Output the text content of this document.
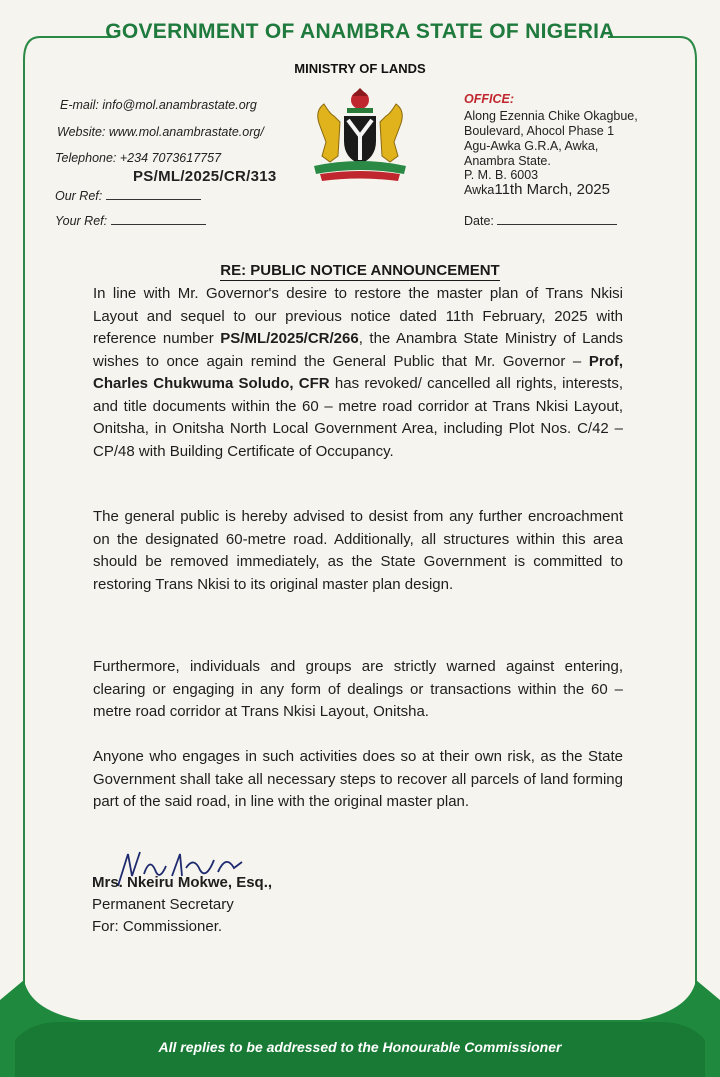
GOVERNMENT OF ANAMBRA STATE OF NIGERIA
MINISTRY OF LANDS
E-mail: info@mol.anambrastate.org
Website: www.mol.anambrastate.org/
Telephone: +234 7073617757
PS/ML/2025/CR/313
Our Ref:
Your Ref:
OFFICE:
Along Ezennia Chike Okagbue,
Boulevard, Ahocol Phase 1
Agu-Awka G.R.A, Awka,
Anambra State.
P. M. B. 6003
Awka11th March, 2025
Date:
RE: PUBLIC NOTICE ANNOUNCEMENT
In line with Mr. Governor's desire to restore the master plan of Trans Nkisi Layout and sequel to our previous notice dated 11th February, 2025 with reference number PS/ML/2025/CR/266, the Anambra State Ministry of Lands wishes to once again remind the General Public that Mr. Governor – Prof, Charles Chukwuma Soludo, CFR has revoked/ cancelled all rights, interests, and title documents within the 60 – metre road corridor at Trans Nkisi Layout, Onitsha, in Onitsha North Local Government Area, including Plot Nos. C/42 – CP/48 with Building Certificate of Occupancy.
The general public is hereby advised to desist from any further encroachment on the designated 60-metre road. Additionally, all structures within this area should be removed immediately, as the State Government is committed to restoring Trans Nkisi to its original master plan design.
Furthermore, individuals and groups are strictly warned against entering, clearing or engaging in any form of dealings or transactions within the 60 – metre road corridor at Trans Nkisi Layout, Onitsha.
Anyone who engages in such activities does so at their own risk, as the State Government shall take all necessary steps to recover all parcels of land forming part of the said road, in line with the original master plan.
Mrs. Nkeiru Mokwe, Esq.,
Permanent Secretary
For: Commissioner.
All replies to be addressed to the Honourable Commissioner
